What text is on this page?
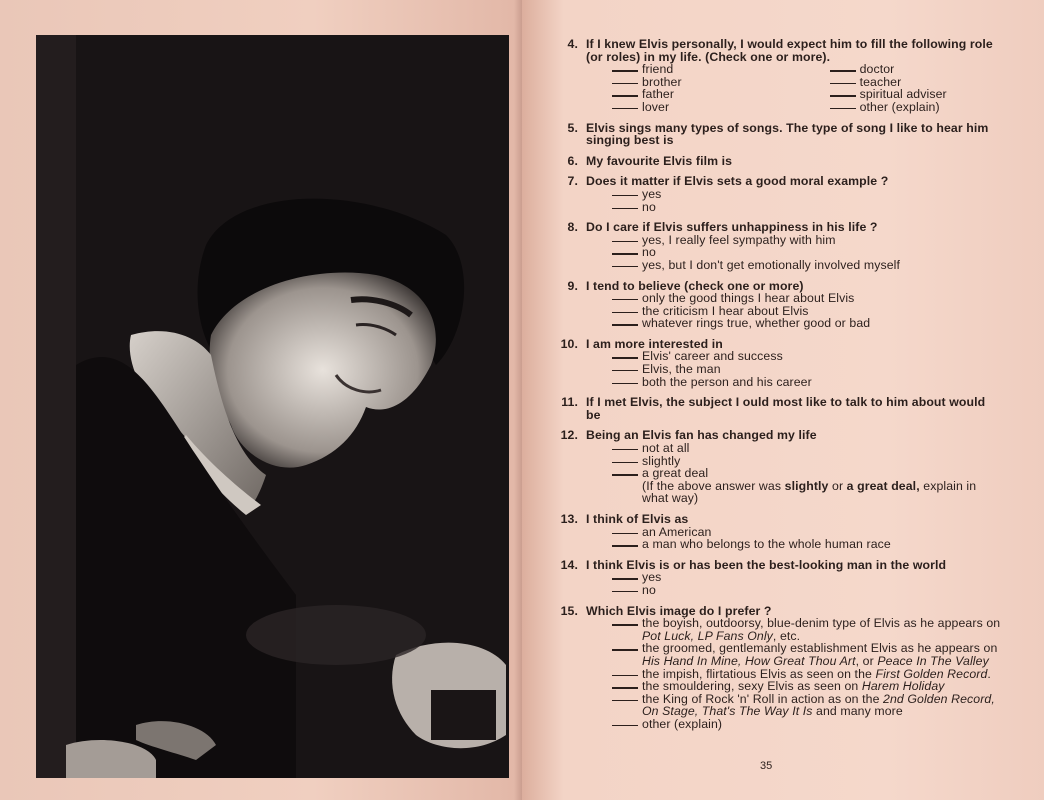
4. If I knew Elvis personally, I would expect him to fill the following role (or roles) in my life. (Check one or more).
friend
brother
father
lover
doctor
teacher
spiritual adviser
other (explain)
5. Elvis sings many types of songs. The type of song I like to hear him singing best is
6. My favourite Elvis film is
7. Does it matter if Elvis sets a good moral example ?
yes
no
8. Do I care if Elvis suffers unhappiness in his life ?
yes, I really feel sympathy with him
no
yes, but I don't get emotionally involved myself
9. I tend to believe (check one or more)
only the good things I hear about Elvis
the criticism I hear about Elvis
whatever rings true, whether good or bad
10. I am more interested in
Elvis' career and success
Elvis, the man
both the person and his career
11. If I met Elvis, the subject I ould most like to talk to him about would be
12. Being an Elvis fan has changed my life
not at all
slightly
a great deal
(If the above answer was slightly or a great deal, explain in what way)
13. I think of Elvis as
an American
a man who belongs to the whole human race
14. I think Elvis is or has been the best-looking man in the world
yes
no
15. Which Elvis image do I prefer ?
the boyish, outdoorsy, blue-denim type of Elvis as he appears on Pot Luck, LP Fans Only, etc.
the groomed, gentlemanly establishment Elvis as he appears on His Hand In Mine, How Great Thou Art, or Peace In The Valley
the impish, flirtatious Elvis as seen on the First Golden Record.
the smouldering, sexy Elvis as seen on Harem Holiday
the King of Rock 'n' Roll in action as on the 2nd Golden Record, On Stage, That's The Way It Is and many more
other (explain)
35
